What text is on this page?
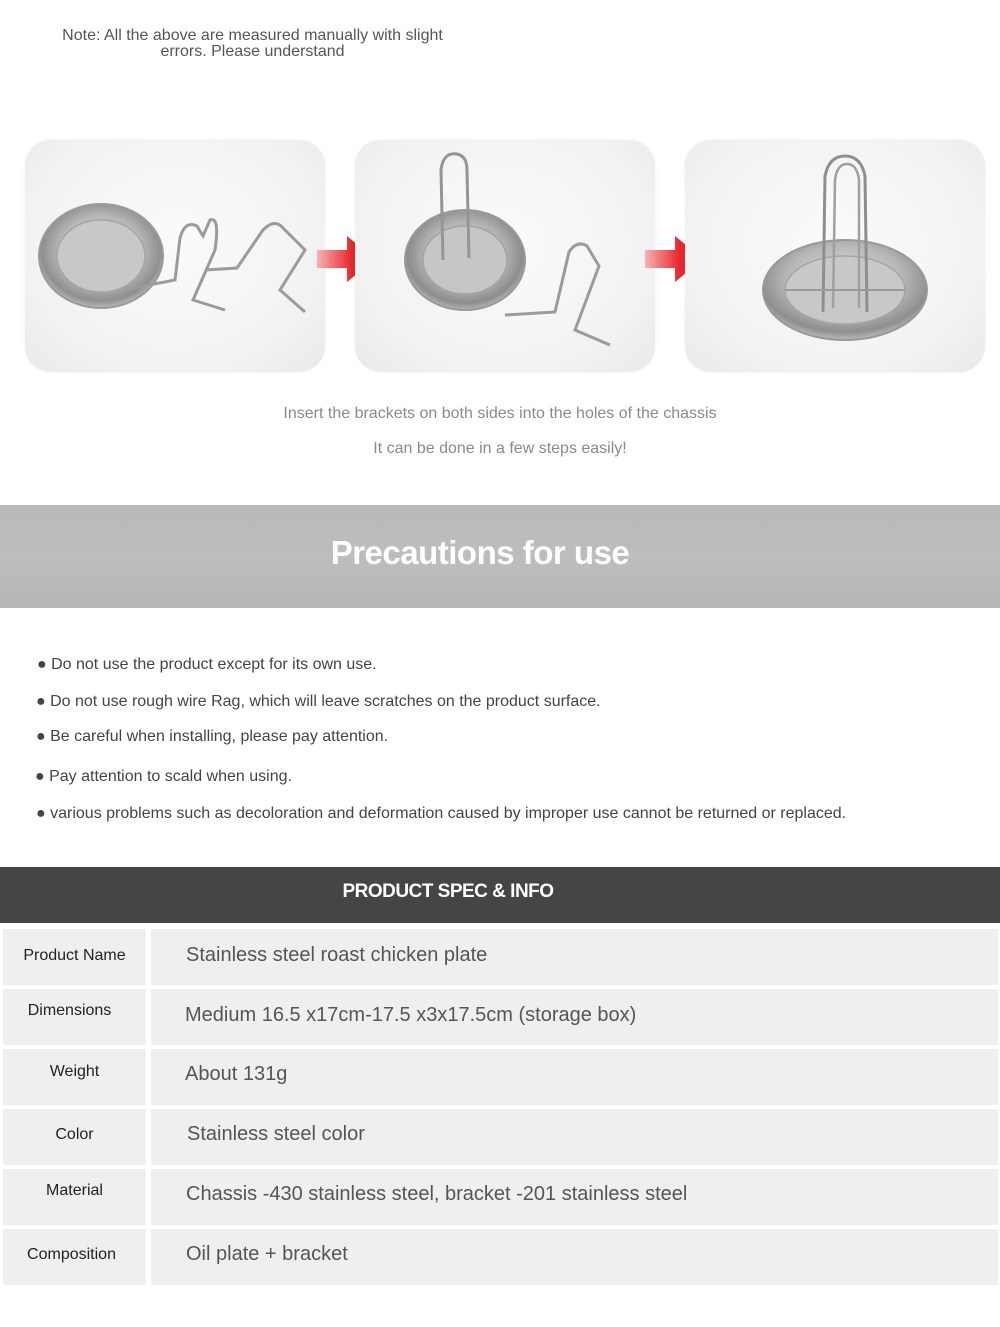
Note: All the above are measured manually with slight
errors. Please understand
Insert the brackets on both sides into the holes of the chassis
It can be done in a few steps easily!
Precautions for use
● Do not use the product except for its own use.
● Do not use rough wire Rag, which will leave scratches on the product surface.
● Be careful when installing, please pay attention.
● Pay attention to scald when using.
● various problems such as decoloration and deformation caused by improper use cannot be returned or replaced.
PRODUCT SPEC & INFO
Product Name	Stainless steel roast chicken plate
Dimensions	Medium 16.5 x17cm-17.5 x3x17.5cm (storage box)
Weight	About 131g
Color	Stainless steel color
Material	Chassis -430 stainless steel, bracket -201 stainless steel
Composition	Oil plate + bracket
